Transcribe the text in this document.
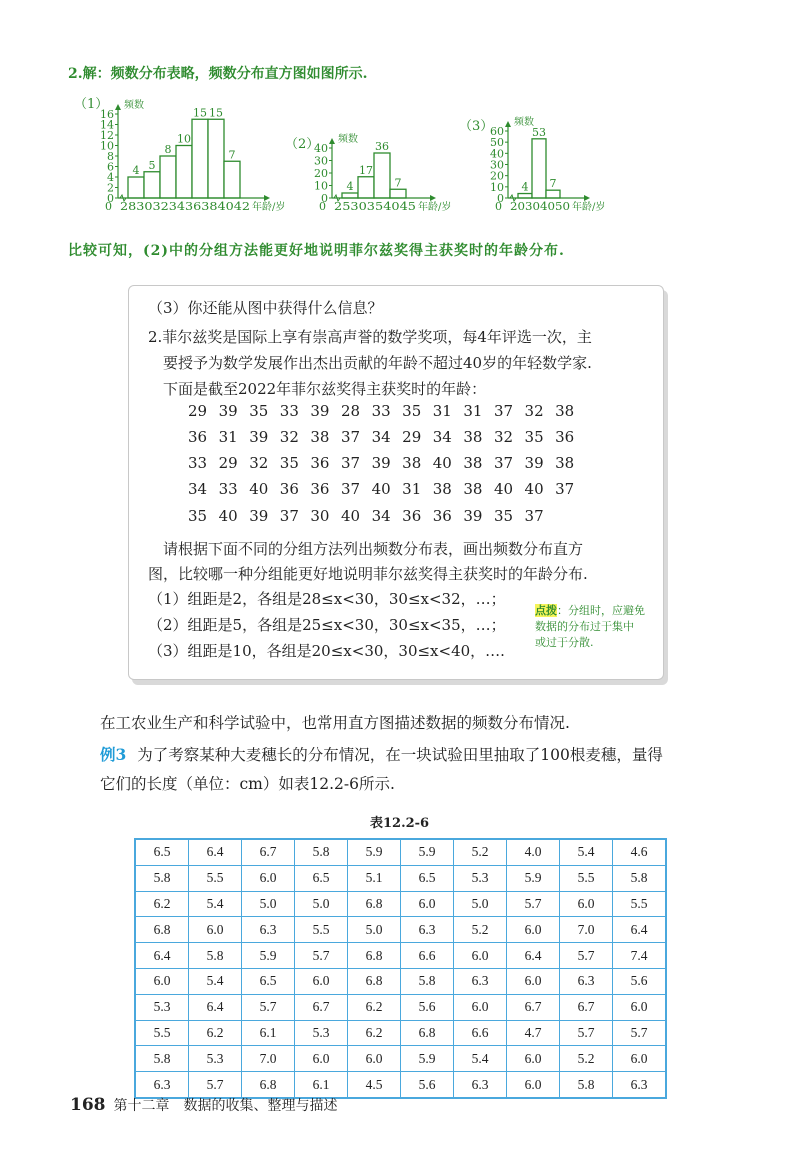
2.解：频数分布表略，频数分布直方图如图所示.
（1） 频数
0
2
4
6
8
10
12
14
16
4 5
8
10
15 15
7
2830323436384042 年龄/岁
0
（2） 频数
0
10
20
30
40
4
17
36
7
2530354045 年龄/岁
0
（3） 频数
0
10
20
30
40
50
60
4
53
7
20304050 年龄/岁
0
比较可知，(2)中的分组方法能更好地说明菲尔兹奖得主获奖时的年龄分布.
（3）你还能从图中获得什么信息？
2.菲尔兹奖是国际上享有崇高声誉的数学奖项，每4年评选一次，主
要授予为数学发展作出杰出贡献的年龄不超过40岁的年轻数学家.
下面是截至2022年菲尔兹奖得主获奖时的年龄：
29 39 35 33 39 28 33 35 31 31 37 32 38
36 31 39 32 38 37 34 29 34 38 32 35 36
33 29 32 35 36 37 39 38 40 38 37 39 38
34 33 40 36 36 37 40 31 38 38 40 40 37
35 40 39 37 30 40 34 36 36 39 35 37
请根据下面不同的分组方法列出频数分布表，画出频数分布直方
图，比较哪一种分组能更好地说明菲尔兹奖得主获奖时的年龄分布.
（1）组距是2，各组是28≤x<30，30≤x<32，…；
（2）组距是5，各组是25≤x<30，30≤x<35，…；
（3）组距是10，各组是20≤x<30，30≤x<40，….
点拨：分组时，应避免
数据的分布过于集中
或过于分散.
在工农业生产和科学试验中，也常用直方图描述数据的频数分布情况.
例3 为了考察某种大麦穗长的分布情况，在一块试验田里抽取了100根麦穗，量得
它们的长度（单位：cm）如表12.2-6所示.
表12.2-6
6.5	6.4	6.7	5.8	5.9	5.9	5.2	4.0	5.4	4.6
5.8	5.5	6.0	6.5	5.1	6.5	5.3	5.9	5.5	5.8
6.2	5.4	5.0	5.0	6.8	6.0	5.0	5.7	6.0	5.5
6.8	6.0	6.3	5.5	5.0	6.3	5.2	6.0	7.0	6.4
6.4	5.8	5.9	5.7	6.8	6.6	6.0	6.4	5.7	7.4
6.0	5.4	6.5	6.0	6.8	5.8	6.3	6.0	6.3	5.6
5.3	6.4	5.7	6.7	6.2	5.6	6.0	6.7	6.7	6.0
5.5	6.2	6.1	5.3	6.2	6.8	6.6	4.7	5.7	5.7
5.8	5.3	7.0	6.0	6.0	5.9	5.4	6.0	5.2	6.0
6.3	5.7	6.8	6.1	4.5	5.6	6.3	6.0	5.8	6.3
168 第十二章　数据的收集、整理与描述
